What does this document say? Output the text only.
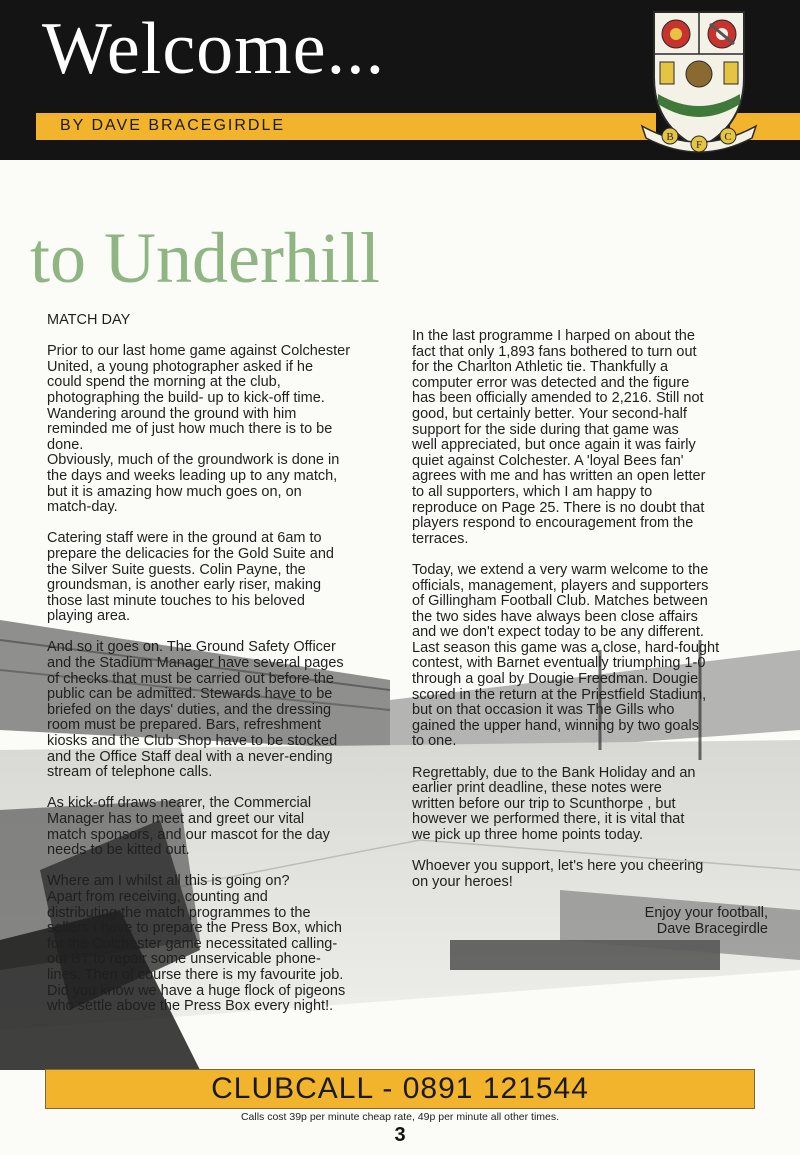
Welcome...
BY DAVE BRACEGIRDLE
B
F
C
to Underhill

MATCH DAY

Prior to our last home game against Colchester
United, a young photographer asked if he
could spend the morning at the club,
photographing the build- up to kick-off time.
Wandering around the ground with him
reminded me of just how much there is to be
done.
Obviously, much of the groundwork is done in
the days and weeks leading up to any match,
but it is amazing how much goes on, on
match-day.

Catering staff were in the ground at 6am to
prepare the delicacies for the Gold Suite and
the Silver Suite guests. Colin Payne, the
groundsman, is another early riser, making
those last minute touches to his beloved
playing area.

And so it goes on. The Ground Safety Officer
and the Stadium Manager have several pages
of checks that must be carried out before the
public can be admitted. Stewards have to be
briefed on the days' duties, and the dressing
room must be prepared. Bars, refreshment
kiosks and the Club Shop have to be stocked
and the Office Staff deal with a never-ending
stream of telephone calls.

As kick-off draws nearer, the Commercial
Manager has to meet and greet our vital
match sponsors, and our mascot for the day
needs to be kitted out.

Where am I whilst all this is going on?
Apart from receiving, counting and
distributing the match programmes to the
sellers I have to prepare the Press Box, which
for the Colchester game necessitated calling-
out BT to repair some unservicable phone-
lines. Then of course there is my favourite job.
Did you know we have a huge flock of pigeons
who settle above the Press Box every night!.

In the last programme I harped on about the
fact that only 1,893 fans bothered to turn out
for the Charlton Athletic tie. Thankfully a
computer error was detected and the figure
has been officially amended to 2,216. Still not
good, but certainly better. Your second-half
support for the side during that game was
well appreciated, but once again it was fairly
quiet against Colchester. A 'loyal Bees fan'
agrees with me and has written an open letter
to all supporters, which I am happy to
reproduce on Page 25. There is no doubt that
players respond to encouragement from the
terraces.

Today, we extend a very warm welcome to the
officials, management, players and supporters
of Gillingham Football Club. Matches between
the two sides have always been close affairs
and we don't expect today to be any different.
Last season this game was a close, hard-fought
contest, with Barnet eventually triumphing 1-0
through a goal by Dougie Freedman. Dougie
scored in the return at the Priestfield Stadium,
but on that occasion it was The Gills who
gained the upper hand, winning by two goals
to one.

Regrettably, due to the Bank Holiday and an
earlier print deadline, these notes were
written before our trip to Scunthorpe , but
however we performed there, it is vital that
we pick up three home points today.

Whoever you support, let's here you cheering
on your heroes!

Enjoy your football,
Dave Bracegirdle

CLUBCALL - 0891 121544
Calls cost 39p per minute cheap rate, 49p per minute all other times.
3
